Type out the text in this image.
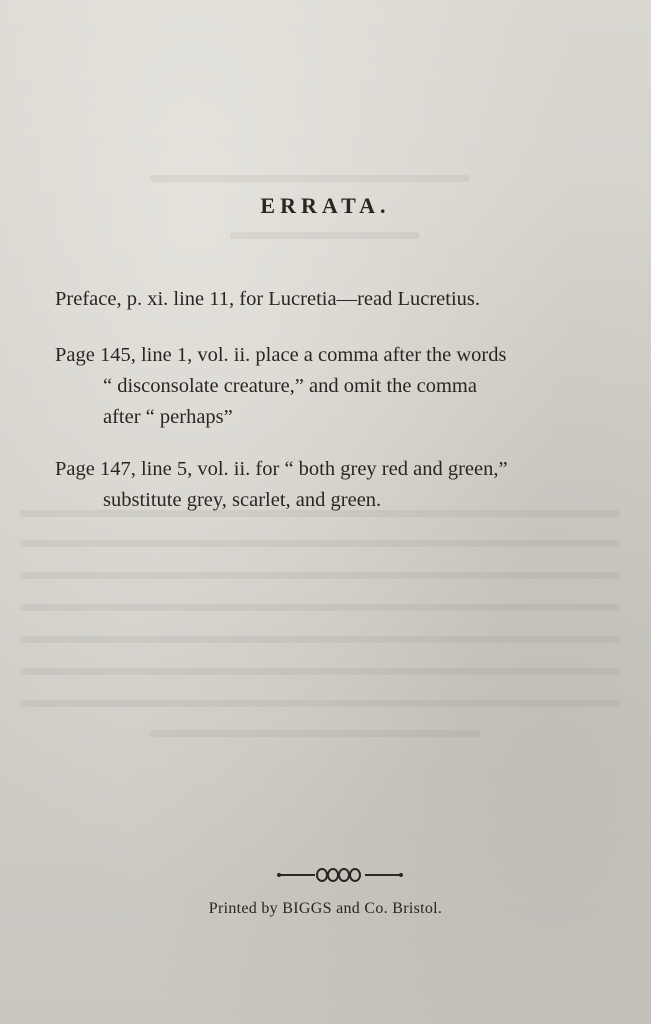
ERRATA.
Preface, p. xi. line 11, for Lucretia—read Lucretius.
Page 145, line 1, vol. ii. place a comma after the words
“ disconsolate creature,” and omit the comma
after “ perhaps”
Page 147, line 5, vol. ii. for “ both grey red and green,”
substitute grey, scarlet, and green.
Printed by BIGGS and Co. Bristol.
